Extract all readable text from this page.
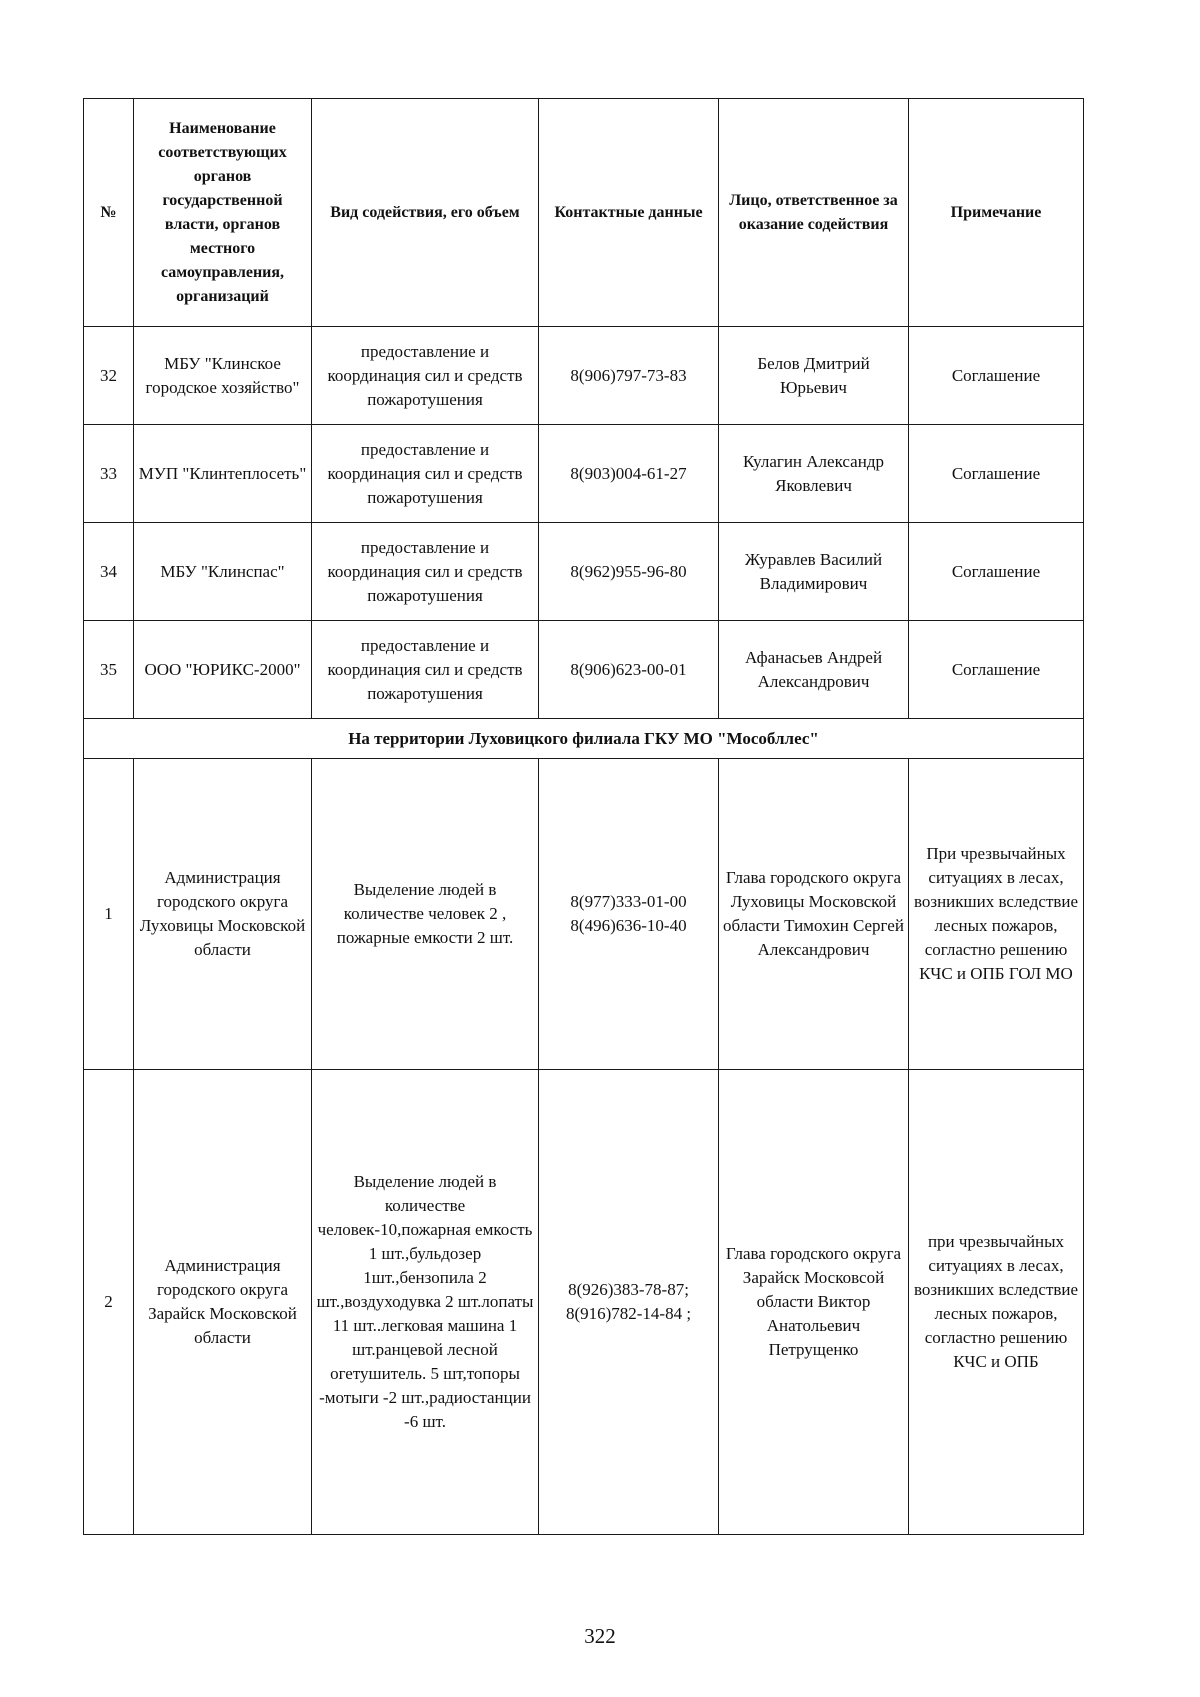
№	Наименование соответствующих органов государственной власти, органов местного самоуправления, организаций	Вид содействия, его объем	Контактные данные	Лицо, ответственное за оказание содействия	Примечание
32	МБУ "Клинское городское хозяйство"	предоставление и координация сил и средств пожаротушения	8(906)797-73-83	Белов Дмитрий Юрьевич	Соглашение
33	МУП "Клинтеплосеть"	предоставление и координация сил и средств пожаротушения	8(903)004-61-27	Кулагин Александр Яковлевич	Соглашение
34	МБУ "Клинспас"	предоставление и координация сил и средств пожаротушения	8(962)955-96-80	Журавлев Василий Владимирович	Соглашение
35	ООО "ЮРИКС-2000"	предоставление и координация сил и средств пожаротушения	8(906)623-00-01	Афанасьев Андрей Александрович	Соглашение
На территории Луховицкого филиала ГКУ МО "Мособллес"					
1	Администрация городского округа Луховицы Московской области	Выделение людей в количестве человек 2 , пожарные емкости 2 шт.	8(977)333-01-00 8(496)636-10-40	Глава городского округа Луховицы Московской области Тимохин Сергей Александрович	При чрезвычайных ситуациях в лесах, возникших вследствие лесных пожаров, согластно решению КЧС и ОПБ ГОЛ МО
2	Администрация городского округа Зарайск Московской области	Выделение людей в количестве человек-10,пожарная емкость 1 шт.,бульдозер 1шт.,бензопила 2 шт.,воздуходувка 2 шт.лопаты 11 шт..легковая машина 1 шт.ранцевой лесной огетушитель. 5 шт,топоры -мотыги -2 шт.,радиостанции -6 шт.	8(926)383-78-87; 8(916)782-14-84 ;	Глава городского округа Зарайск Московсой области Виктор Анатольевич Петрущенко	при чрезвычайных ситуациях в лесах, возникших вследствие лесных пожаров, согластно решению КЧС и ОПБ
322
